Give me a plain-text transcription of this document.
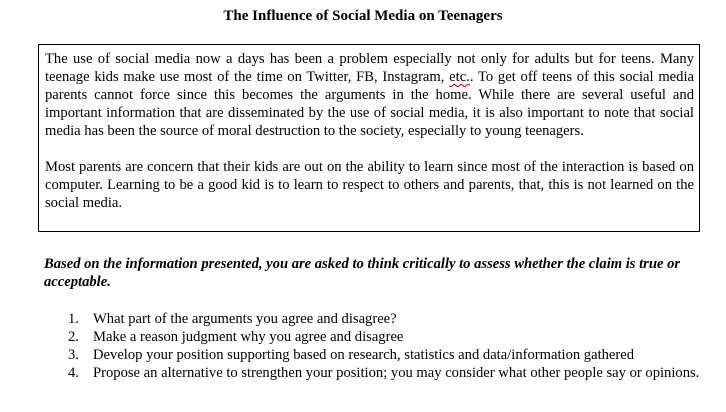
The Influence of Social Media on Teenagers

The use of social media now a days has been a problem especially not only for adults but for teens. Many teenage kids make use most of the time on Twitter, FB, Instagram, etc.. To get off teens of this social media parents cannot force since this becomes the arguments in the home. While there are several useful and important information that are disseminated by the use of social media, it is also important to note that social media has been the source of moral destruction to the society, especially to young teenagers.

Most parents are concern that their kids are out on the ability to learn since most of the interaction is based on computer. Learning to be a good kid is to learn to respect to others and parents, that, this is not learned on the social media.

Based on the information presented, you are asked to think critically to assess whether the claim is true or acceptable.

1. What part of the arguments you agree and disagree?
2. Make a reason judgment why you agree and disagree
3. Develop your position supporting based on research, statistics and data/information gathered
4. Propose an alternative to strengthen your position; you may consider what other people say or opinions.
